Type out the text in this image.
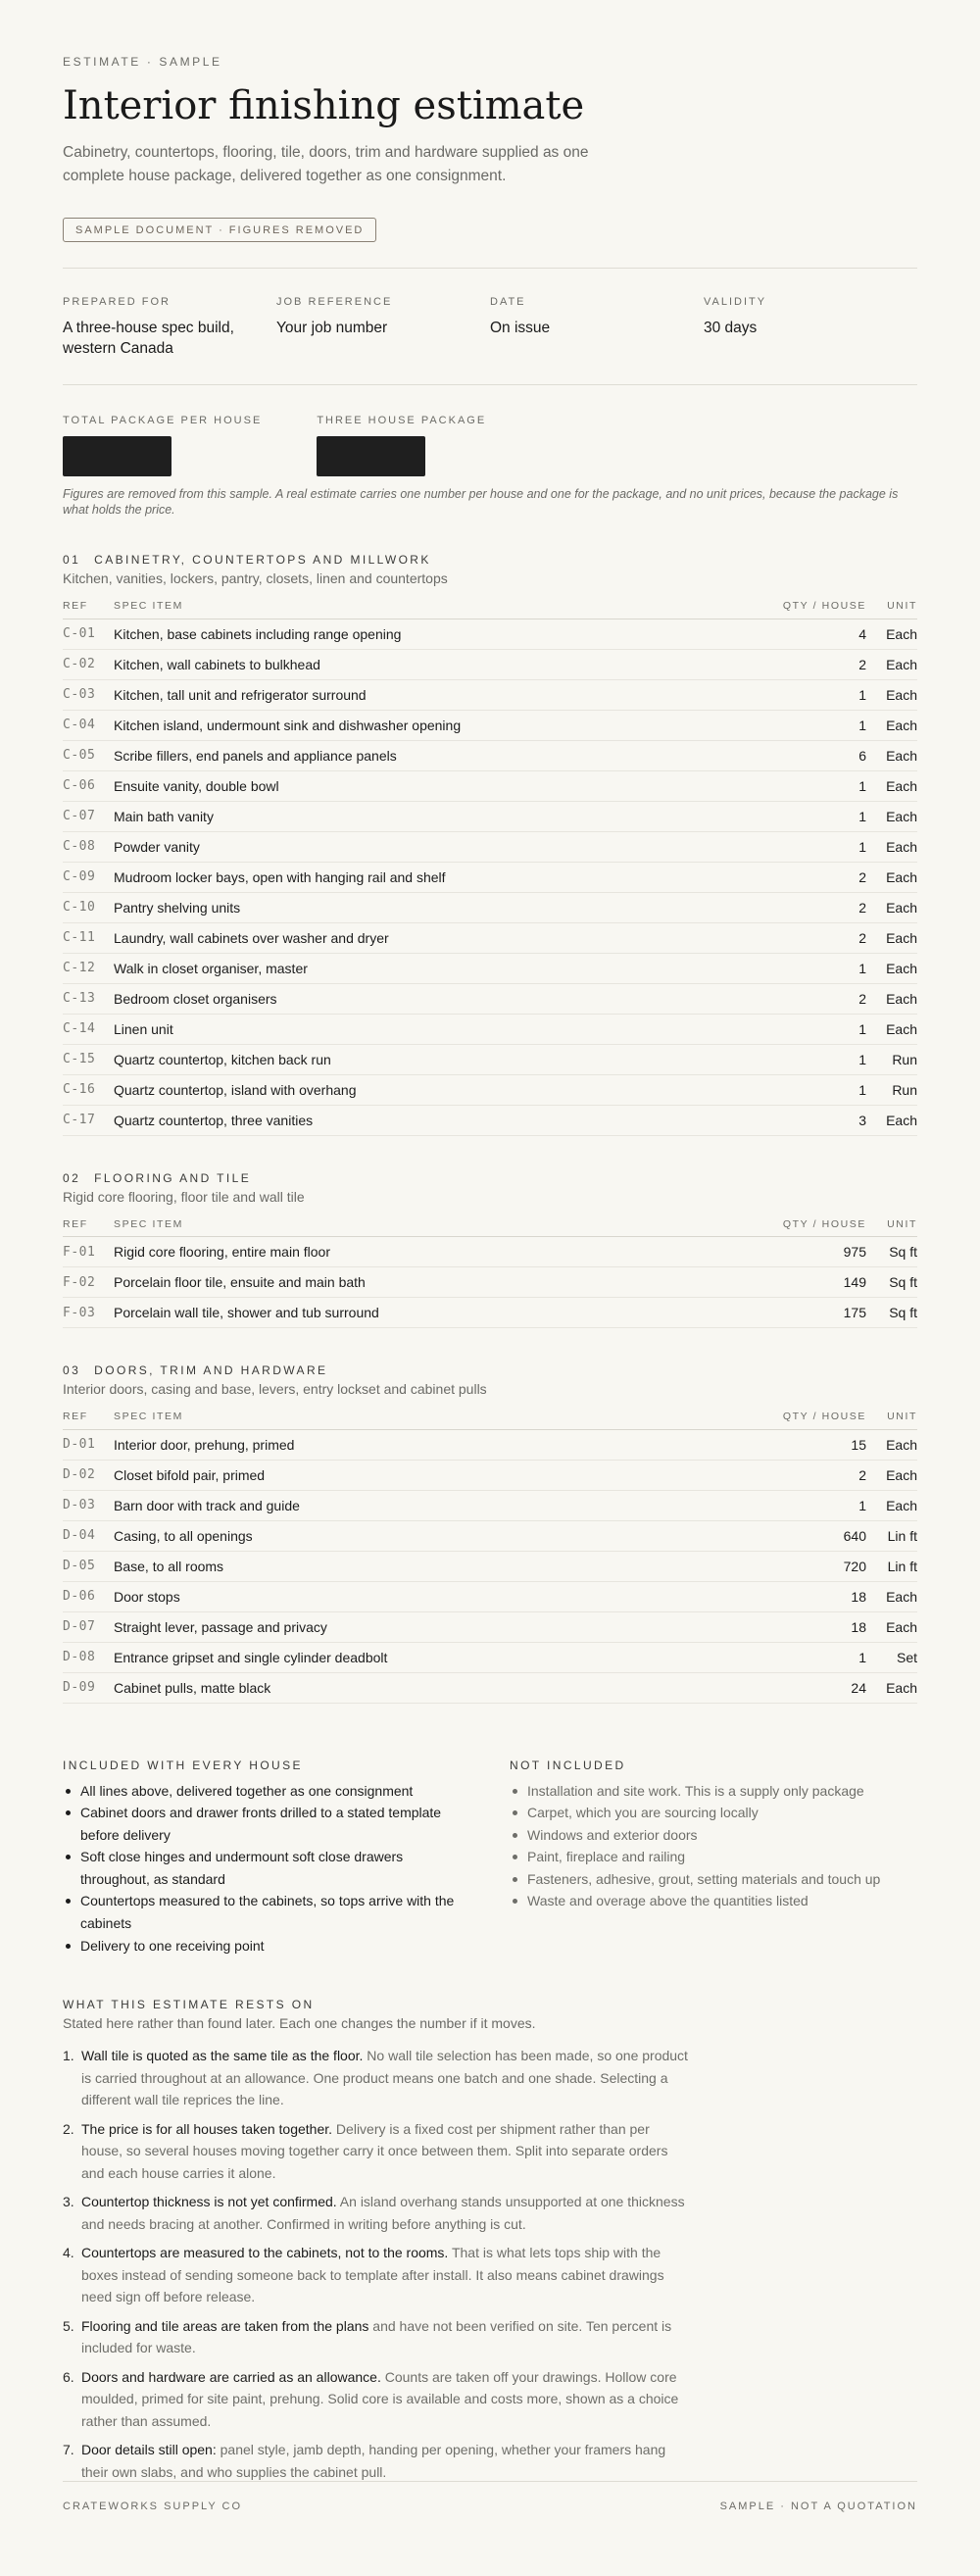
ESTIMATE · SAMPLE
Interior finishing estimate

Cabinetry, countertops, flooring, tile, doors, trim and hardware supplied as one complete house package, delivered together as one consignment.

SAMPLE DOCUMENT · FIGURES REMOVED
PREPARED FOR
A three-house spec build, western Canada
JOB REFERENCE
Your job number
DATE
On issue
VALIDITY
30 days
TOTAL PACKAGE PER HOUSE	THREE HOUSE PACKAGE

Figures are removed from this sample. A real estimate carries one number per house and one for the package, and no unit prices, because the package is what holds the price.

01 CABINETRY, COUNTERTOPS AND MILLWORK
Kitchen, vanities, lockers, pantry, closets, linen and countertops
REF	SPEC ITEM	QTY / HOUSE	UNIT
C-01	Kitchen, base cabinets including range opening	4	Each
C-02	Kitchen, wall cabinets to bulkhead	2	Each
C-03	Kitchen, tall unit and refrigerator surround	1	Each
C-04	Kitchen island, undermount sink and dishwasher opening	1	Each
C-05	Scribe fillers, end panels and appliance panels	6	Each
C-06	Ensuite vanity, double bowl	1	Each
C-07	Main bath vanity	1	Each
C-08	Powder vanity	1	Each
C-09	Mudroom locker bays, open with hanging rail and shelf	2	Each
C-10	Pantry shelving units	2	Each
C-11	Laundry, wall cabinets over washer and dryer	2	Each
C-12	Walk in closet organiser, master	1	Each
C-13	Bedroom closet organisers	2	Each
C-14	Linen unit	1	Each
C-15	Quartz countertop, kitchen back run	1	Run
C-16	Quartz countertop, island with overhang	1	Run
C-17	Quartz countertop, three vanities	3	Each
02 FLOORING AND TILE
Rigid core flooring, floor tile and wall tile
REF	SPEC ITEM	QTY / HOUSE	UNIT
F-01	Rigid core flooring, entire main floor	975	Sq ft
F-02	Porcelain floor tile, ensuite and main bath	149	Sq ft
F-03	Porcelain wall tile, shower and tub surround	175	Sq ft
03 DOORS, TRIM AND HARDWARE
Interior doors, casing and base, levers, entry lockset and cabinet pulls
REF	SPEC ITEM	QTY / HOUSE	UNIT
D-01	Interior door, prehung, primed	15	Each
D-02	Closet bifold pair, primed	2	Each
D-03	Barn door with track and guide	1	Each
D-04	Casing, to all openings	640	Lin ft
D-05	Base, to all rooms	720	Lin ft
D-06	Door stops	18	Each
D-07	Straight lever, passage and privacy	18	Each
D-08	Entrance gripset and single cylinder deadbolt	1	Set
D-09	Cabinet pulls, matte black	24	Each
INCLUDED WITH EVERY HOUSE
All lines above, delivered together as one consignment
Cabinet doors and drawer fronts drilled to a stated template before delivery
Soft close hinges and undermount soft close drawers throughout, as standard
Countertops measured to the cabinets, so tops arrive with the cabinets
Delivery to one receiving point
NOT INCLUDED
Installation and site work. This is a supply only package
Carpet, which you are sourcing locally
Windows and exterior doors
Paint, fireplace and railing
Fasteners, adhesive, grout, setting materials and touch up
Waste and overage above the quantities listed
WHAT THIS ESTIMATE RESTS ON
Stated here rather than found later. Each one changes the number if it moves.
1. Wall tile is quoted as the same tile as the floor. No wall tile selection has been made, so one product is carried throughout at an allowance. One product means one batch and one shade. Selecting a different wall tile reprices the line.
2. The price is for all houses taken together. Delivery is a fixed cost per shipment rather than per house, so several houses moving together carry it once between them. Split into separate orders and each house carries it alone.
3. Countertop thickness is not yet confirmed. An island overhang stands unsupported at one thickness and needs bracing at another. Confirmed in writing before anything is cut.
4. Countertops are measured to the cabinets, not to the rooms. That is what lets tops ship with the boxes instead of sending someone back to template after install. It also means cabinet drawings need sign off before release.
5. Flooring and tile areas are taken from the plans and have not been verified on site. Ten percent is included for waste.
6. Doors and hardware are carried as an allowance. Counts are taken off your drawings. Hollow core moulded, primed for site paint, prehung. Solid core is available and costs more, shown as a choice rather than assumed.
7. Door details still open: panel style, jamb depth, handing per opening, whether your framers hang their own slabs, and who supplies the cabinet pull.
CRATEWORKS SUPPLY CO	SAMPLE · NOT A QUOTATION
